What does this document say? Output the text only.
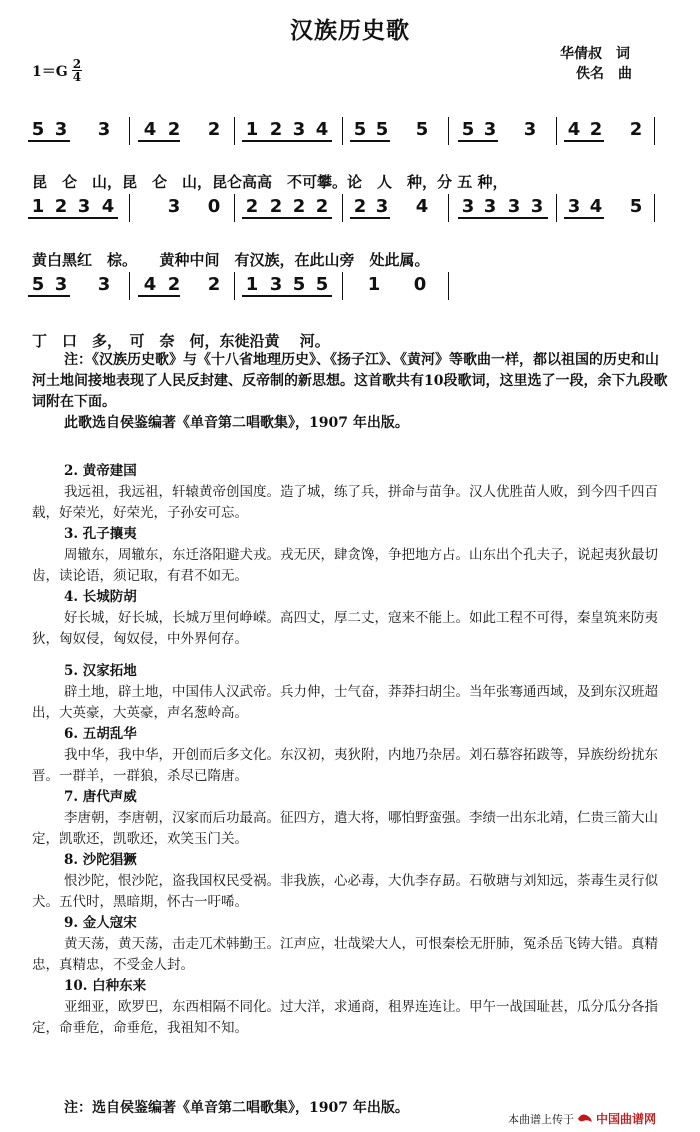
汉族历史歌
华倩叔　词
佚名　曲
$1=G \frac{2}{4}$
5 3 3 4 2 2 1 2 3 4 5 5 5 5 3 3 4 2 2

昆　仑　山，昆　仑　山，昆仑高高　不可攀。论　人　种，分 五 种，

1 2 3 4	3 0 2 2 2 2 2 3 4 3 3 3 3 3 4 5

黄白黑红　棕。　　黄种中间　有汉族，在此山旁　处此属。

5 3 3 4 2 2 1 3 5 5 1 0

丁　口　多，　可　奈　何，东徙沿黄　 河。

注：《汉族历史歌》与《十八省地理历史》、《扬子江》、《黄河》等歌曲一样，都以祖国的历史和山河土地间接地表现了人民反封建、反帝制的新思想。这首歌共有10段歌词，这里选了一段，余下九段歌词附在下面。

此歌选自侯鉴编著《单音第二唱歌集》，1907 年出版。

2. 黄帝建国
我远祖，我远祖，轩辕黄帝创国度。造了城，练了兵，拼命与苗争。汉人优胜苗人败，到今四千四百载，好荣光，好荣光，子孙安可忘。
3. 孔子攘夷
周辙东，周辙东，东迁洛阳避犬戎。戎无厌，肆贪馋，争把地方占。山东出个孔夫子，说起夷狄最切齿，读论语，须记取，有君不如无。
4. 长城防胡
好长城，好长城，长城万里何峥嵘。高四丈，厚二丈，寇来不能上。如此工程不可得，秦皇筑来防夷狄，匈奴侵，匈奴侵，中外界何存。
5. 汉家拓地
辟土地，辟土地，中国伟人汉武帝。兵力伸，士气奋，莽莽扫胡尘。当年张骞通西域，及到东汉班超出，大英豪，大英豪，声名葱岭高。
6. 五胡乱华
我中华，我中华，开创而后多文化。东汉初，夷狄附，内地乃杂居。刘石慕容拓跋等，异族纷纷扰东晋。一群羊，一群狼，杀尽已隋唐。
7. 唐代声威
李唐朝，李唐朝，汉家而后功最高。征四方，遣大将，哪怕野蛮强。李绩一出东北靖，仁贵三箭大山定，凯歌还，凯歌还，欢笑玉门关。
8. 沙陀猖獗
恨沙陀，恨沙陀，盗我国权民受祸。非我族，心必毒，大仇李存勗。石敬瑭与刘知远，荼毒生灵行似犬。五代时，黑暗期，怀古一吁唏。
9. 金人寇宋
黄天荡，黄天荡，击走兀术韩勤王。江声应，壮哉梁大人，可恨秦桧无肝肺，冤杀岳飞铸大错。真精忠，真精忠，不受金人封。
10. 白种东来
亚细亚，欧罗巴，东西相隔不同化。过大洋，求通商，租界连连让。甲午一战国耻甚，瓜分瓜分各指定，命垂危，命垂危，我祖知不知。
注：选自侯鉴编著《单音第二唱歌集》，1907 年出版。
本曲谱上传于 中国曲谱网
